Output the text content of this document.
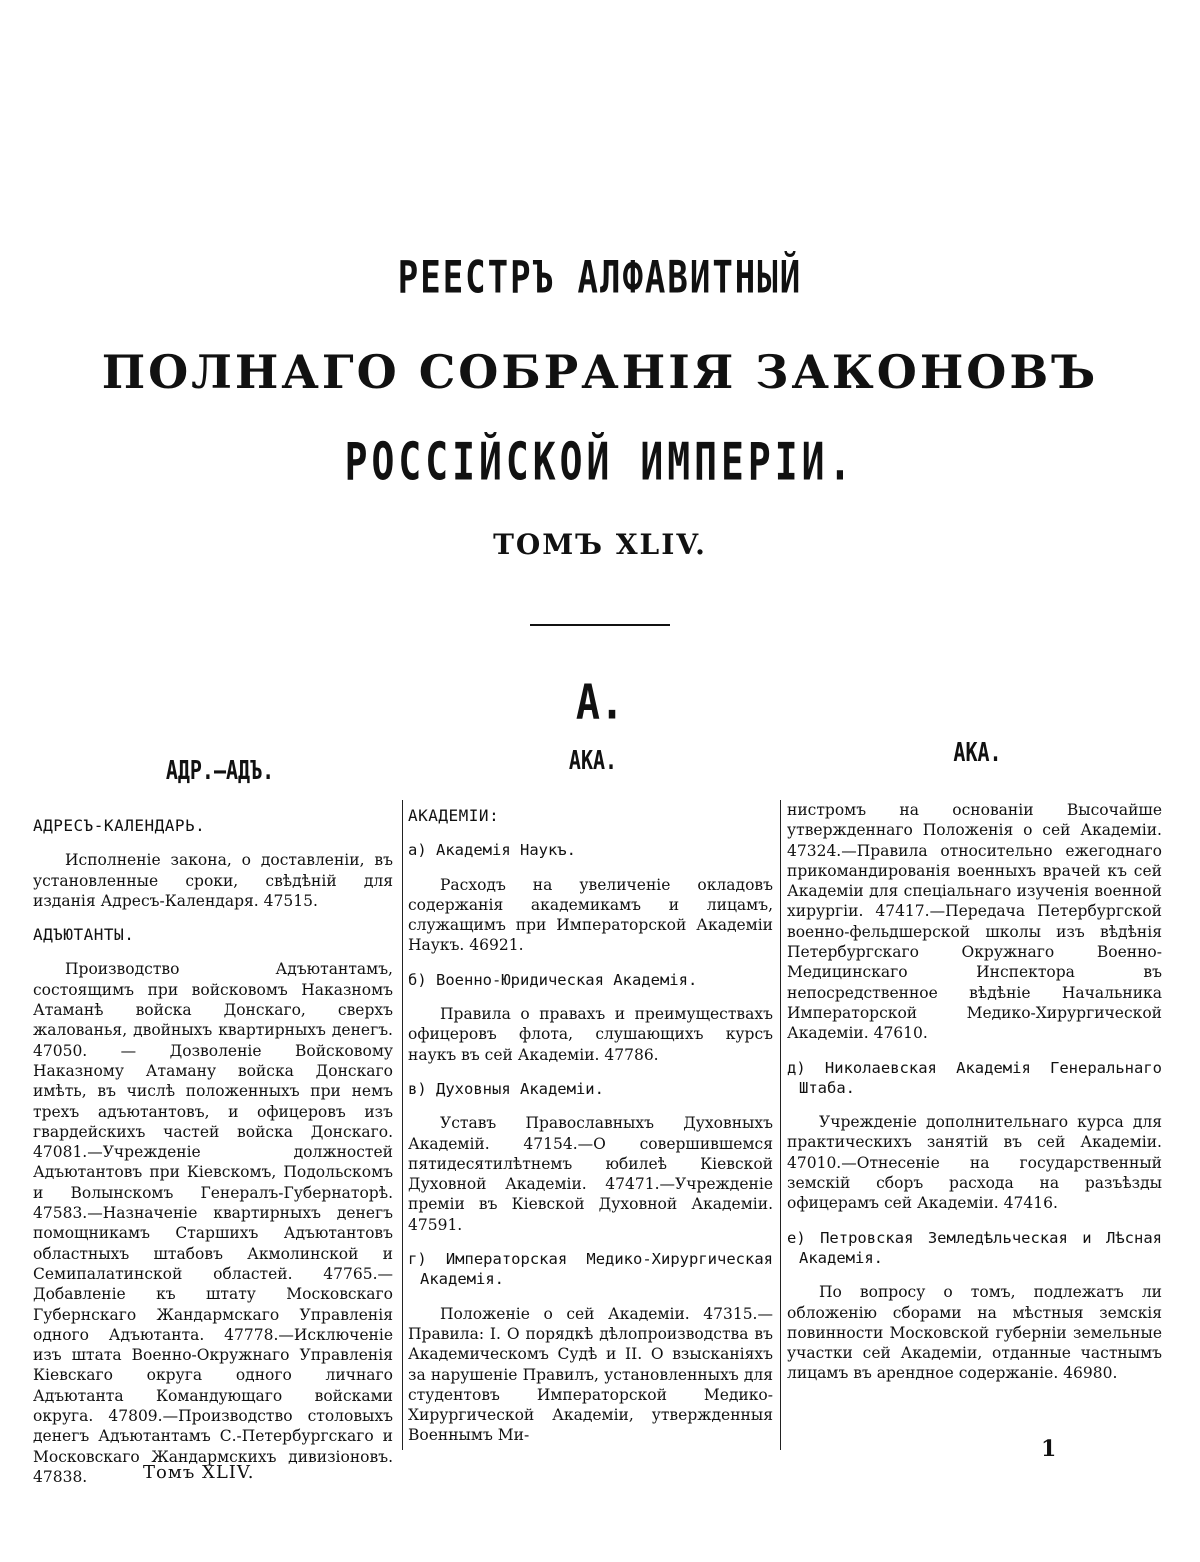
РЕЕСТРЪ АЛФАВИТНЫЙ
ПОЛНАГО СОБРАНІЯ ЗАКОНОВЪ
РОССІЙСКОЙ ИМПЕРІИ.
ТОМЪ XLIV.
А.
АДР.—АДЪ.	АКА.	АКА.

АДРЕСЪ-КАЛЕНДАРЬ.

Исполненіе закона, о доставленіи, въ установленные сроки, свѣдѣній для изданія Адресъ-Календаря. 47515.

АДЪЮТАНТЫ.

Производство Адъютантамъ, состоящимъ при войсковомъ Наказномъ Атаманѣ войска Донскаго, сверхъ жалованья, двойныхъ квартирныхъ денегъ. 47050. — Дозволеніе Войсковому Наказному Атаману войска Донскаго имѣть, въ числѣ положенныхъ при немъ трехъ адъютантовъ, и офицеровъ изъ гвардейскихъ частей войска Донскаго. 47081.—Учрежденіе должностей Адъютантовъ при Кіевскомъ, Подольскомъ и Волынскомъ Генералъ-Губернаторѣ. 47583.—Назначеніе квартирныхъ денегъ помощникамъ Старшихъ Адъютантовъ областныхъ штабовъ Акмолинской и Семипалатинской областей. 47765.—Добавленіе къ штату Московскаго Губернскаго Жандармскаго Управленія одного Адъютанта. 47778.—Исключеніе изъ штата Военно-Окружнаго Управленія Кіевскаго округа одного личнаго Адъютанта Командующаго войсками округа. 47809.—Производство столовыхъ денегъ Адъютантамъ С.-Петербургскаго и Московскаго Жандармскихъ дивизіоновъ. 47838.

АКАДЕМІИ:

а) Академія Наукъ.

Расходъ на увеличеніе окладовъ содержанія академикамъ и лицамъ, служащимъ при Императорской Академіи Наукъ. 46921.

б) Военно-Юридическая Академія.

Правила о правахъ и преимуществахъ офицеровъ флота, слушающихъ курсъ наукъ въ сей Академіи. 47786.

в) Духовныя Академіи.

Уставъ Православныхъ Духовныхъ Академій. 47154.—О совершившемся пятидесятилѣтнемъ юбилеѣ Кіевской Духовной Академіи. 47471.—Учрежденіе преміи въ Кіевской Духовной Академіи. 47591.

г) Императорская Медико-Хирургическая Академія.

Положеніе о сей Академіи. 47315.—Правила: I. О порядкѣ дѣлопроизводства въ Академическомъ Судѣ и II. О взысканіяхъ за нарушеніе Правилъ, установленныхъ для студентовъ Императорской Медико-Хирургической Академіи, утвержденныя Военнымъ Ми-

нистромъ на основаніи Высочайше утвержденнаго Положенія о сей Академіи. 47324.—Правила относительно ежегоднаго прикомандированія военныхъ врачей къ сей Академіи для спеціальнаго изученія военной хирургіи. 47417.—Передача Петербургской военно-фельдшерской школы изъ вѣдѣнія Петербургскаго Окружнаго Военно-Медицинскаго Инспектора въ непосредственное вѣдѣніе Начальника Императорской Медико-Хирургической Академіи. 47610.

д) Николаевская Академія Генеральнаго Штаба.

Учрежденіе дополнительнаго курса для практическихъ занятій въ сей Академіи. 47010.—Отнесеніе на государственный земскій сборъ расхода на разъѣзды офицерамъ сей Академіи. 47416.

е) Петровская Земледѣльческая и Лѣсная Академія.

По вопросу о томъ, подлежатъ ли обложенію сборами на мѣстныя земскія повинности Московской губерніи земельные участки сей Академіи, отданные частнымъ лицамъ въ арендное содержаніе. 46980.

Томъ XLIV.
1
